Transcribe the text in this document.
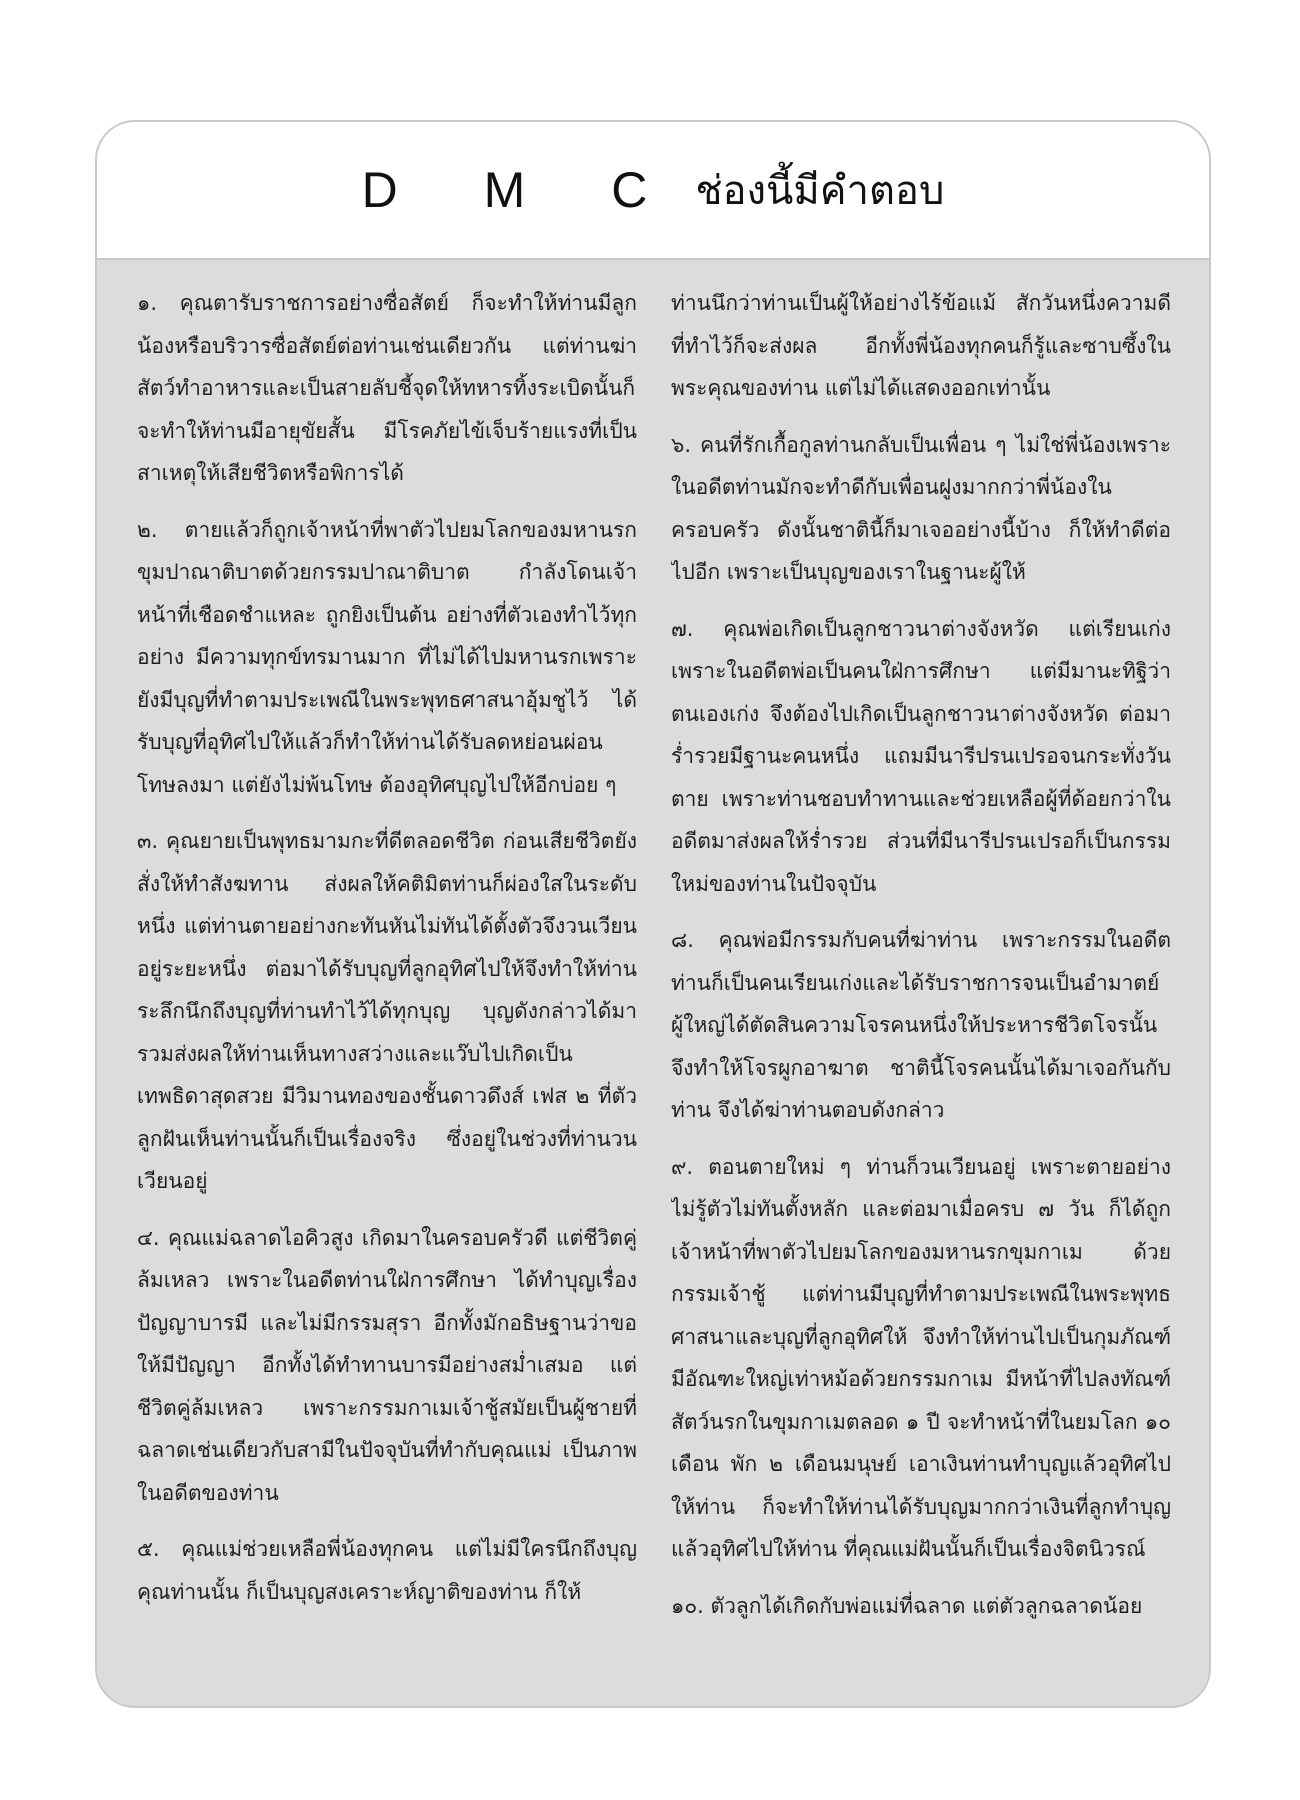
D M C ช่องนี้มีคำตอบ

๑. คุณตารับราชการอย่างซื่อสัตย์ ก็จะทำให้ท่านมีลูกน้องหรือบริวารซื่อสัตย์ต่อท่านเช่นเดียวกัน แต่ท่านฆ่าสัตว์ทำอาหารและเป็นสายลับชี้จุดให้ทหารทิ้งระเบิดนั้นก็จะทำให้ท่านมีอายุขัยสั้น มีโรคภัยไข้เจ็บร้ายแรงที่เป็นสาเหตุให้เสียชีวิตหรือพิการได้

๒. ตายแล้วก็ถูกเจ้าหน้าที่พาตัวไปยมโลกของมหานรกขุมปาณาติบาตด้วยกรรมปาณาติบาต กำลังโดนเจ้าหน้าที่เชือดชำแหละ ถูกยิงเป็นต้น อย่างที่ตัวเองทำไว้ทุกอย่าง มีความทุกข์ทรมานมาก ที่ไม่ได้ไปมหานรกเพราะยังมีบุญที่ทำตามประเพณีในพระพุทธศาสนาอุ้มชูไว้ ได้รับบุญที่อุทิศไปให้แล้วก็ทำให้ท่านได้รับลดหย่อนผ่อนโทษลงมา แต่ยังไม่พ้นโทษ ต้องอุทิศบุญไปให้อีกบ่อย ๆ

๓. คุณยายเป็นพุทธมามกะที่ดีตลอดชีวิต ก่อนเสียชีวิตยังสั่งให้ทำสังฆทาน ส่งผลให้คติมิตท่านก็ผ่องใสในระดับหนึ่ง แต่ท่านตายอย่างกะทันหันไม่ทันได้ตั้งตัวจึงวนเวียนอยู่ระยะหนึ่ง ต่อมาได้รับบุญที่ลูกอุทิศไปให้จึงทำให้ท่านระลึกนึกถึงบุญที่ท่านทำไว้ได้ทุกบุญ บุญดังกล่าวได้มารวมส่งผลให้ท่านเห็นทางสว่างและแว๊บไปเกิดเป็นเทพธิดาสุดสวย มีวิมานทองของชั้นดาวดึงส์ เฟส ๒ ที่ตัวลูกฝันเห็นท่านนั้นก็เป็นเรื่องจริง ซึ่งอยู่ในช่วงที่ท่านวนเวียนอยู่

๔. คุณแม่ฉลาดไอคิวสูง เกิดมาในครอบครัวดี แต่ชีวิตคู่ล้มเหลว เพราะในอดีตท่านใฝ่การศึกษา ได้ทำบุญเรื่องปัญญาบารมี และไม่มีกรรมสุรา อีกทั้งมักอธิษฐานว่าขอให้มีปัญญา อีกทั้งได้ทำทานบารมีอย่างสม่ำเสมอ แต่ชีวิตคู่ล้มเหลว เพราะกรรมกาเมเจ้าชู้สมัยเป็นผู้ชายที่ฉลาดเช่นเดียวกับสามีในปัจจุบันที่ทำกับคุณแม่ เป็นภาพในอดีตของท่าน

๕. คุณแม่ช่วยเหลือพี่น้องทุกคน แต่ไม่มีใครนึกถึงบุญคุณท่านนั้น ก็เป็นบุญสงเคราะห์ญาติของท่าน ก็ให้

ท่านนึกว่าท่านเป็นผู้ให้อย่างไร้ข้อแม้ สักวันหนึ่งความดีที่ทำไว้ก็จะส่งผล อีกทั้งพี่น้องทุกคนก็รู้และซาบซึ้งในพระคุณของท่าน แต่ไม่ได้แสดงออกเท่านั้น

๖. คนที่รักเกื้อกูลท่านกลับเป็นเพื่อน ๆ ไม่ใช่พี่น้องเพราะในอดีตท่านมักจะทำดีกับเพื่อนฝูงมากกว่าพี่น้องในครอบครัว ดังนั้นชาตินี้ก็มาเจออย่างนี้บ้าง ก็ให้ทำดีต่อไปอีก เพราะเป็นบุญของเราในฐานะผู้ให้

๗. คุณพ่อเกิดเป็นลูกชาวนาต่างจังหวัด แต่เรียนเก่งเพราะในอดีตพ่อเป็นคนใฝ่การศึกษา แต่มีมานะทิฐิว่าตนเองเก่ง จึงต้องไปเกิดเป็นลูกชาวนาต่างจังหวัด ต่อมาร่ำรวยมีฐานะคนหนึ่ง แถมมีนารีปรนเปรอจนกระทั่งวันตาย เพราะท่านชอบทำทานและช่วยเหลือผู้ที่ด้อยกว่าในอดีตมาส่งผลให้ร่ำรวย ส่วนที่มีนารีปรนเปรอก็เป็นกรรมใหม่ของท่านในปัจจุบัน

๘. คุณพ่อมีกรรมกับคนที่ฆ่าท่าน เพราะกรรมในอดีตท่านก็เป็นคนเรียนเก่งและได้รับราชการจนเป็นอำมาตย์ผู้ใหญ่ได้ตัดสินความโจรคนหนึ่งให้ประหารชีวิตโจรนั้น จึงทำให้โจรผูกอาฆาต ชาตินี้โจรคนนั้นได้มาเจอกันกับท่าน จึงได้ฆ่าท่านตอบดังกล่าว

๙. ตอนตายใหม่ ๆ ท่านก็วนเวียนอยู่ เพราะตายอย่างไม่รู้ตัวไม่ทันตั้งหลัก และต่อมาเมื่อครบ ๗ วัน ก็ได้ถูกเจ้าหน้าที่พาตัวไปยมโลกของมหานรกขุมกาเม ด้วยกรรมเจ้าชู้ แต่ท่านมีบุญที่ทำตามประเพณีในพระพุทธศาสนาและบุญที่ลูกอุทิศให้ จึงทำให้ท่านไปเป็นกุมภัณฑ์มีอัณฑะใหญ่เท่าหม้อด้วยกรรมกาเม มีหน้าที่ไปลงทัณฑ์สัตว์นรกในขุมกาเมตลอด ๑ ปี จะทำหน้าที่ในยมโลก ๑๐ เดือน พัก ๒ เดือนมนุษย์ เอาเงินท่านทำบุญแล้วอุทิศไปให้ท่าน ก็จะทำให้ท่านได้รับบุญมากกว่าเงินที่ลูกทำบุญแล้วอุทิศไปให้ท่าน ที่คุณแม่ฝันนั้นก็เป็นเรื่องจิตนิวรณ์

๑๐. ตัวลูกได้เกิดกับพ่อแม่ที่ฉลาด แต่ตัวลูกฉลาดน้อย
